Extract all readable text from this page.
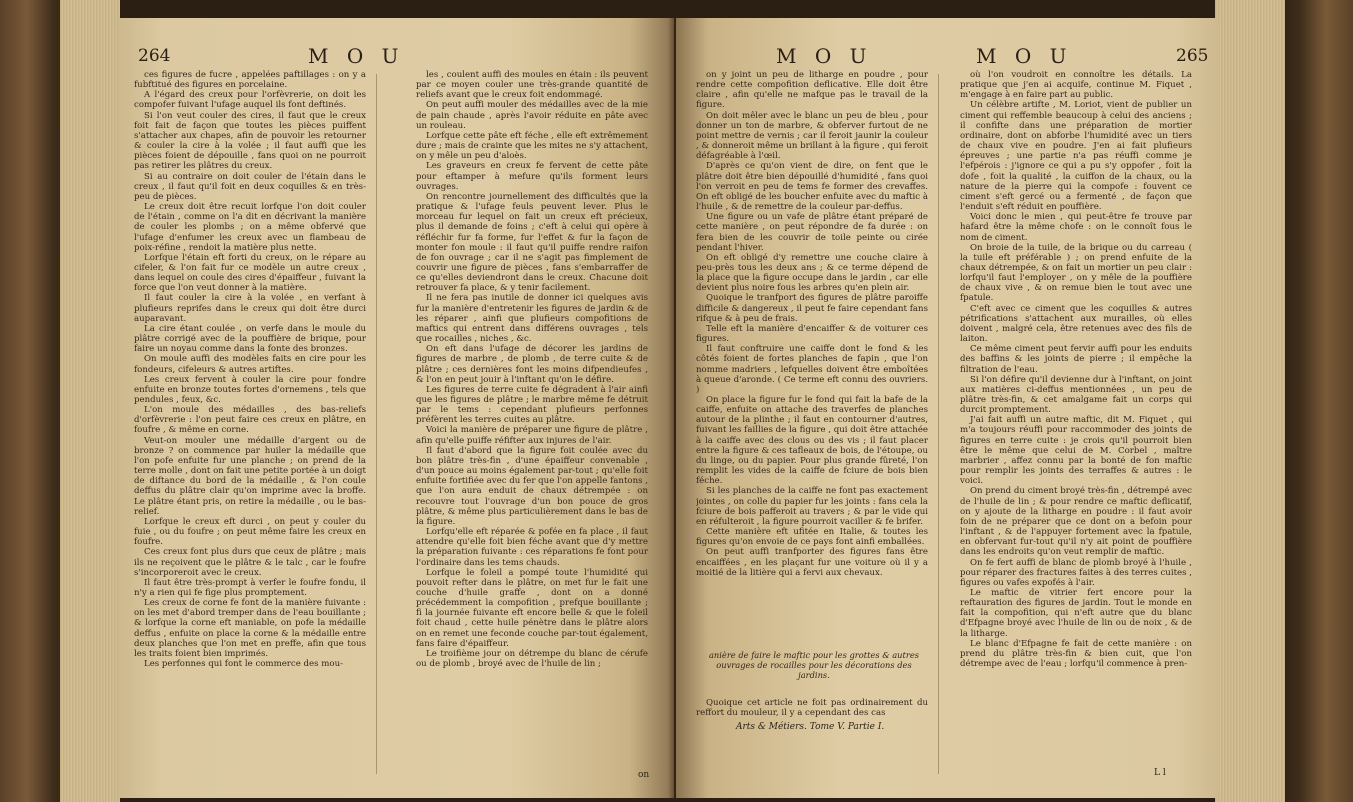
264	M O U

ces figures de fucre , appelées paftillages : on y a fubftitué des figures en porcelaine.

A l'égard des creux pour l'orfèvrerie, on doit les compofer fuivant l'ufage auquel ils font deftinés.

Si l'on veut couler des cires, il faut que le creux foit fait de façon que toutes les pièces puiffent s'attacher aux chapes, afin de pouvoir les retourner & couler la cire à la volée ; il faut auffi que les pièces foient de dépouille , fans quoi on ne pourroit pas retirer les plâtres du creux.

Si au contraire on doit couler de l'étain dans le creux , il faut qu'il foit en deux coquilles & en très-peu de pièces.

Le creux doit être recuit lorfque l'on doit couler de l'étain , comme on l'a dit en décrivant la manière de couler les plombs ; on a même obfervé que l'ufage d'enfumer les creux avec un flambeau de poix-réfine , rendoit la matière plus nette.

Lorfque l'étain eft forti du creux, on le répare au cifeler, & l'on fait fur ce modèle un autre creux , dans lequel on coule des cires d'épaiffeur , fuivant la force que l'on veut donner à la matière.

Il faut couler la cire à la volée , en verfant à plufieurs reprifes dans le creux qui doit être durci auparavant.

La cire étant coulée , on verfe dans le moule du plâtre corrigé avec de la pouffière de brique, pour faire un noyau comme dans la fonte des bronzes.

On moule auffi des modèles faits en cire pour les fondeurs, cifeleurs & autres artiftes.

Les creux fervent à couler la cire pour fondre enfuite en bronze toutes fortes d'ornemens , tels que pendules , feux, &c.

L'on moule des médailles , des bas-reliefs d'orfèvrerie : l'on peut faire ces creux en plâtre, en foufre , & même en corne.

Veut-on mouler une médaille d'argent ou de bronze ? on commence par huiler la médaille que l'on pofe enfuite fur une planche ; on prend de la terre molle , dont on fait une petite portée à un doigt de diftance du bord de la médaille , & l'on coule deffus du plâtre clair qu'on imprime avec la broffe. Le plâtre étant pris, on retire la médaille , ou le bas-relief.

Lorfque le creux eft durci , on peut y couler du fuie , ou du foufre ; on peut même faire les creux en foufre.

Ces creux font plus durs que ceux de plâtre ; mais ils ne reçoivent que le plâtre & le talc , car le foufre s'incorporeroit avec le creux.

Il faut être très-prompt à verfer le foufre fondu, il n'y a rien qui fe fige plus promptement.

Les creux de corne fe font de la manière fuivante : on les met d'abord tremper dans de l'eau bouillante ; & lorfque la corne eft maniable, on pofe la médaille deffus , enfuite on place la corne & la médaille entre deux planches que l'on met en preffe, afin que tous les traits foient bien imprimés.

Les perfonnes qui font le commerce des mou-

les , coulent auffi des moules en étain : ils peuvent par ce moyen couler une très-grande quantité de reliefs avant que le creux foit endommagé.

On peut auffi mouler des médailles avec de la mie de pain chaude , après l'avoir réduite en pâte avec un rouleau.

Lorfque cette pâte eft féche , elle eft extrêmement dure ; mais de crainte que les mites ne s'y attachent, on y mêle un peu d'aloès.

Les graveurs en creux fe fervent de cette pâte pour eftamper à mefure qu'ils forment leurs ouvrages.

On rencontre journellement des difficultés que la pratique & l'ufage feuls peuvent lever. Plus le morceau fur lequel on fait un creux eft précieux, plus il demande de foins ; c'eft à celui qui opère à réfléchir fur fa forme, fur l'effet & fur la façon de monter fon moule : il faut qu'il puiffe rendre raifon de fon ouvrage ; car il ne s'agit pas fimplement de couvrir une figure de pièces , fans s'embarraffer de ce qu'elles deviendront dans le creux. Chacune doit retrouver fa place, & y tenir facilement.

Il ne fera pas inutile de donner ici quelques avis fur la manière d'entretenir les figures de jardin & de les réparer , ainfi que plufieurs compofitions de maftics qui entrent dans différens ouvrages , tels que rocailles , niches , &c.

On eft dans l'ufage de décorer les jardins de figures de marbre , de plomb , de terre cuite & de plâtre ; ces dernières font les moins difpendieufes , & l'on en peut jouir à l'inftant qu'on le défire.

Les figures de terre cuite fe dégradent à l'air ainfi que les figures de plâtre ; le marbre même fe détruit par le tems : cependant plufieurs perfonnes préfèrent les terres cuites au plâtre.

Voici la manière de préparer une figure de plâtre , afin qu'elle puiffe réfifter aux injures de l'air.

Il faut d'abord que la figure foit coulée avec du bon plâtre très-fin , d'une épaiffeur convenable , d'un pouce au moins également par-tout ; qu'elle foit enfuite fortifiée avec du fer que l'on appelle fantons , que l'on aura enduit de chaux détrempée : on recouvre tout l'ouvrage d'un bon pouce de gros plâtre, & même plus particulièrement dans le bas de la figure.

Lorfqu'elle eft réparée & pofée en fa place , il faut attendre qu'elle foit bien féche avant que d'y mettre la préparation fuivante : ces réparations fe font pour l'ordinaire dans les tems chauds.

Lorfque le foleil a pompé toute l'humidité qui pouvoit refter dans le plâtre, on met fur le fait une couche d'huile graffe , dont on a donné précédemment la compofition , prefque bouillante ; fi la journée fuivante eft encore belle & que le foleil foit chaud , cette huile pénètre dans le plâtre alors on en remet une feconde couche par-tout également, fans faire d'épaiffeur.

Le troifième jour on détrempe du blanc de cérufe ou de plomb , broyé avec de l'huile de lin ;

on
M O U	M O U	265

on y joint un peu de litharge en poudre , pour rendre cette compofition deflicative. Elle doit être claire , afin qu'elle ne mafque pas le travail de la figure.

On doit mêler avec le blanc un peu de bleu , pour donner un ton de marbre, & obferver furtout de ne point mettre de vernis ; car il feroit jaunir la couleur , & donneroit même un brillant à la figure , qui feroit défagréable à l'œil.

D'après ce qu'on vient de dire, on fent que le plâtre doit être bien dépouillé d'humidité , fans quoi l'on verroit en peu de tems fe former des crevaffes. On eft obligé de les boucher enfuite avec du maftic à l'huile , & de remettre de la couleur par-deffus.

Une figure ou un vafe de plâtre étant préparé de cette manière , on peut répondre de fa durée : on fera bien de les couvrir de toile peinte ou cirée pendant l'hiver.

On eft obligé d'y remettre une couche claire à peu-près tous les deux ans ; & ce terme dépend de la place que la figure occupe dans le jardin , car elle devient plus noire fous les arbres qu'en plein air.

Quoique le tranfport des figures de plâtre paroiffe difficile & dangereux , il peut fe faire cependant fans rifque & à peu de frais.

Telle eft la manière d'encaiffer & de voiturer ces figures.

Il faut conftruire une caiffe dont le fond & les côtés foient de fortes planches de fapin , que l'on nomme madriers , lefquelles doivent être emboîtées à queue d'aronde. ( Ce terme eft connu des ouvriers. )

On place la figure fur le fond qui fait la bafe de la caiffe, enfuite on attache des traverfes de planches autour de la plinthe ; il faut en contourner d'autres, fuivant les faillies de la figure , qui doit être attachée à la caiffe avec des clous ou des vis ; il faut placer entre la figure & ces tafleaux de bois, de l'étoupe, ou du linge, ou du papier. Pour plus grande fûreté, l'on remplit les vides de la caiffe de fciure de bois bien féche.

Si les planches de la caiffe ne font pas exactement jointes , on colle du papier fur les joints : fans cela la fciure de bois pafferoit au travers ; & par le vide qui en réfulteroit , la figure pourroit vaciller & fe brifer.

Cette manière eft ufitée en Italie, & toutes les figures qu'on envoie de ce pays font ainfi emballées.

On peut auffi tranfporter des figures fans être encaiffées , en les plaçant fur une voiture où il y a moitié de la litière qui a fervi aux chevaux.

anière de faire le maftic pour les grottes & autres ouvrages de rocailles pour les décorations des jardins.

Quoique cet article ne foit pas ordinairement du reffort du mouleur, il y a cependant des cas

Arts & Métiers. Tome V. Partie I.

où l'on voudroit en connoître les détails. La pratique que j'en ai acquife, continue M. Fiquet , m'engage à en faire part au public.

Un célèbre artifte , M. Loriot, vient de publier un ciment qui reffemble beaucoup à celui des anciens ; il confifte dans une préparation de mortier ordinaire, dont on abforbe l'humidité avec un tiers de chaux vive en poudre. J'en ai fait plufieurs épreuves ; une partie n'a pas réuffi comme je l'efpérois : j'ignore ce qui a pu s'y oppofer , foit la dofe , foit la qualité , la cuiffon de la chaux, ou la nature de la pierre qui la compofe : fouvent ce ciment s'eft gercé ou a fermenté , de façon que l'enduit s'eft réduit en pouffière.

Voici donc le mien , qui peut-être fe trouve par hafard être la même chofe : on le connoît fous le nom de ciment.

On broie de la tuile, de la brique ou du carreau ( la tuile eft préférable ) ; on prend enfuite de la chaux détrempée, & on fait un mortier un peu clair : lorfqu'il faut l'employer , on y mêle de la pouffière de chaux vive , & on remue bien le tout avec une fpatule.

C'eft avec ce ciment que les coquilles & autres pétrifications s'attachent aux murailles, où elles doivent , malgré cela, être retenues avec des fils de laiton.

Ce même ciment peut fervir auffi pour les enduits des baffins & les joints de pierre ; il empêche la filtration de l'eau.

Si l'on défire qu'il devienne dur à l'inftant, on joint aux matières ci-deffus mentionnées , un peu de plâtre très-fin, & cet amalgame fait un corps qui durcit promptement.

J'ai fait auffi un autre maftic, dit M. Fiquet , qui m'a toujours réuffi pour raccommoder des joints de figures en terre cuite : je crois qu'il pourroit bien être le même que celui de M. Corbel , maître marbrier , affez connu par la bonté de fon maftic pour remplir les joints des terraffes & autres : le voici.

On prend du ciment broyé très-fin , détrempé avec de l'huile de lin ; & pour rendre ce maftic deflicatif, on y ajoute de la litharge en poudre : il faut avoir foin de ne préparer que ce dont on a befoin pour l'inftant , & de l'appuyer fortement avec la fpatule, en obfervant fur-tout qu'il n'y ait point de pouffière dans les endroits qu'on veut remplir de maftic.

On fe fert auffi de blanc de plomb broyé à l'huile , pour réparer des fractures faites à des terres cuites , figures ou vafes expofés à l'air.

Le maftic de vitrier fert encore pour la reftauration des figures de jardin. Tout le monde en fait la compofition, qui n'eft autre que du blanc d'Efpagne broyé avec l'huile de lin ou de noix , & de la litharge.

Le blanc d'Efpagne fe fait de cette manière : on prend du plâtre très-fin & bien cuit, que l'on détrempe avec de l'eau ; lorfqu'il commence à pren-

L l
